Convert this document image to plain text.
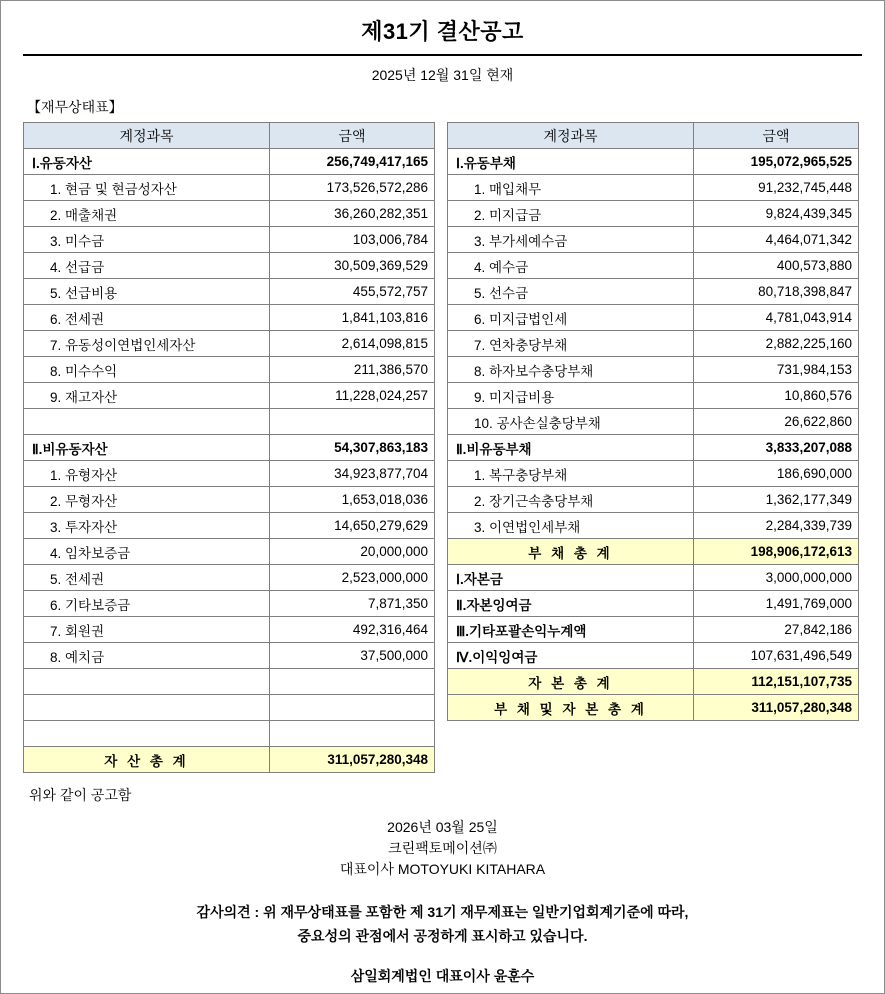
제31기 결산공고
2025년 12월 31일 현재
【재무상태표】
계정과목	금액
Ⅰ.유동자산	256,749,417,165
1. 현금 및 현금성자산	173,526,572,286
2. 매출채권	36,260,282,351
3. 미수금	103,006,784
4. 선급금	30,509,369,529
5. 선급비용	455,572,757
6. 전세권	1,841,103,816
7. 유동성이연법인세자산	2,614,098,815
8. 미수수익	211,386,570
9. 재고자산	11,228,024,257

Ⅱ.비유동자산	54,307,863,183
1. 유형자산	34,923,877,704
2. 무형자산	1,653,018,036
3. 투자자산	14,650,279,629
4. 임차보증금	20,000,000
5. 전세권	2,523,000,000
6. 기타보증금	7,871,350
7. 회원권	492,316,464
8. 예치금	37,500,000

자 산 총 계	311,057,280,348
계정과목	금액
Ⅰ.유동부채	195,072,965,525
1. 매입채무	91,232,745,448
2. 미지급금	9,824,439,345
3. 부가세예수금	4,464,071,342
4. 예수금	400,573,880
5. 선수금	80,718,398,847
6. 미지급법인세	4,781,043,914
7. 연차충당부채	2,882,225,160
8. 하자보수충당부채	731,984,153
9. 미지급비용	10,860,576
10. 공사손실충당부채	26,622,860
Ⅱ.비유동부채	3,833,207,088
1. 복구충당부채	186,690,000
2. 장기근속충당부채	1,362,177,349
3. 이연법인세부채	2,284,339,739
부 채 총 계	198,906,172,613
Ⅰ.자본금	3,000,000,000
Ⅱ.자본잉여금	1,491,769,000
Ⅲ.기타포괄손익누계액	27,842,186
Ⅳ.이익잉여금	107,631,496,549
자 본 총 계	112,151,107,735
부 채 및 자 본 총 계	311,057,280,348
위와 같이 공고함
2026년 03월 25일
크린팩토메이션㈜
대표이사 MOTOYUKI KITAHARA
감사의견 : 위 재무상태표를 포함한 제 31기 재무제표는 일반기업회계기준에 따라,
중요성의 관점에서 공정하게 표시하고 있습니다.
삼일회계법인 대표이사 윤훈수
